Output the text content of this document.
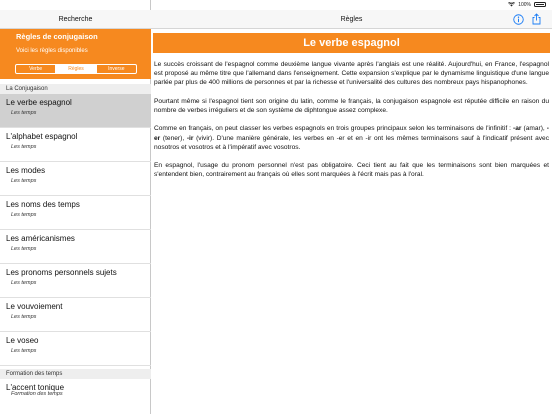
100%
Recherche
Règles de conjugaison
Voici les règles disponibles
Verbe	Règles	Inverse
La Conjugaison
Le verbe espagnol
Les temps
L'alphabet espagnol
Les temps
Les modes
Les temps
Les noms des temps
Les temps
Les américanismes
Les temps
Les pronoms personnels sujets
Les temps
Le vouvoiement
Les temps
Le voseo
Les temps
Formation des temps
L'accent tonique
Formation des temps
Règles
Le verbe espagnol

Le succès croissant de l'espagnol comme deuxième langue vivante après l'anglais est une réalité. Aujourd'hui, en France, l'espagnol est proposé au même titre que l'allemand dans l'enseignement. Cette expansion s'explique par le dynamisme linguistique d'une langue parlée par plus de 400 millions de personnes et par la richesse et l'universalité des cultures des nombreux pays hispanophones.

Pourtant même si l'espagnol tient son origine du latin, comme le français, la conjugaison espagnole est réputée difficile en raison du nombre de verbes irréguliers et de son système de diphtongue assez complexe.

Comme en français, on peut classer les verbes espagnols en trois groupes principaux selon les terminaisons de l'infinitif : -ar (amar), -er (tener), -ir (vivir). D'une manière générale, les verbes en -er et en -ir ont les mêmes terminaisons sauf à l'indicatif présent avec nosotros et vosotros et à l'impératif avec vosotros.

En espagnol, l'usage du pronom personnel n'est pas obligatoire. Ceci tient au fait que les terminaisons sont bien marquées et s'entendent bien, contrairement au français où elles sont marquées à l'écrit mais pas à l'oral.
